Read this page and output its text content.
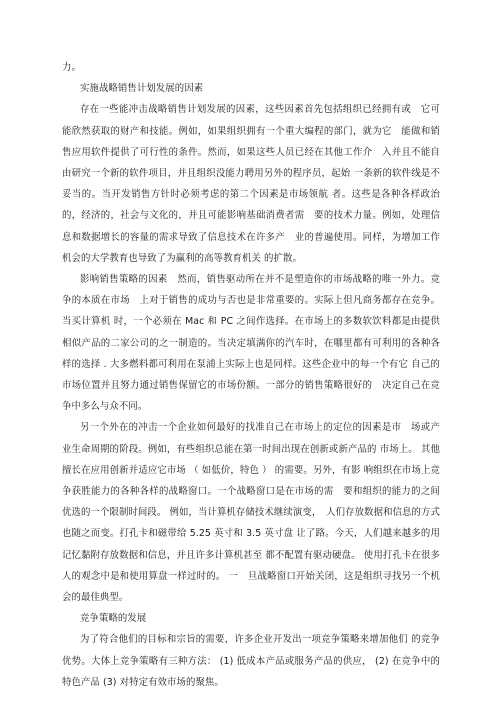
力。

实施战略销售计划发展的因素

存在一些能冲击战略销售计划发展的因素，这些因素首先包括组织已经拥有或　它可能欣然获取的财产和技能。例如，如果组织拥有一个重大编程的部门，就为它　能做和销售应用软件提供了可行性的条件。然而，如果这些人员已经在其他工作介　入并且不能自由研究一个新的软件项目，并且组织没能力聘用另外的程序员，起始 一条新的软件线是不妥当的。当开发销售方针时必须考虑的第二个因素是市场领航 者。这些是各种各样政治的，经济的，社会与文化的，并且可能影响基础消费者需　要的技术力量。例如，处理信息和数据增长的容量的需求导致了信息技术在许多产　业的普遍使用。同样，为增加工作机会的大学教育也导致了为赢利的高等教育机关 的扩散。

影响销售策略的因素　然而，销售驱动所在并不是塑造你的市场战略的唯一外力。竞争的本质在市场　上对于销售的成功与否也是非常重要的。实际上但凡商务都存在竞争。当买计算机 时，一个必须在 Mac 和 PC 之间作选择。在市场上的多数软饮料都是由提供相似产品的二家公司的之一制造的。当决定填满你的汽车时，在哪里都有可利用的各种各　样的选择 . 大多燃料都可利用在泵浦上实际上也是同样。这些企业中的每一个有它 自己的市场位置并且努力通过销售保留它的市场份额。一部分的销售策略很好的　决定自己在竞争中多么与众不同。

另一个外在的冲击一个企业如何最好的找准自己在市场上的定位的因素是市　场或产业生命周期的阶段。例如，有些组织总能在第一时间出现在创新或新产品的 市场上。 其他擅长在应用创新并适应它市场 （ 如低价，特色 ） 的需要。另外，有影 响组织在市场上竞争获胜能力的各种各样的战略窗口。一个战略窗口是在市场的需　要和组织的能力的之间优选的一个限制时间段。 例如，当计算机存储技术继续演变，　人们存放数据和信息的方式也随之而变。打孔卡和磁带给 5.25 英寸和 3.5 英寸盘 让了路。今天，人们越来越多的用记忆黏附存放数据和信息，并且许多计算机甚至 都不配置有驱动硬盘。 使用打孔卡在很多人的观念中是和使用算盘一样过时的。 一　旦战略窗口开始关闭，这是组织寻找另一个机会的最佳典型。

竞争策略的发展

为了符合他们的目标和宗旨的需要，许多企业开发出一项竞争策略来增加他们 的竞争优势。大体上竞争策略有三种方法： (1) 低成本产品或服务产品的供应， (2) 在竞争中的特色产品 (3) 对特定有效市场的聚焦。
